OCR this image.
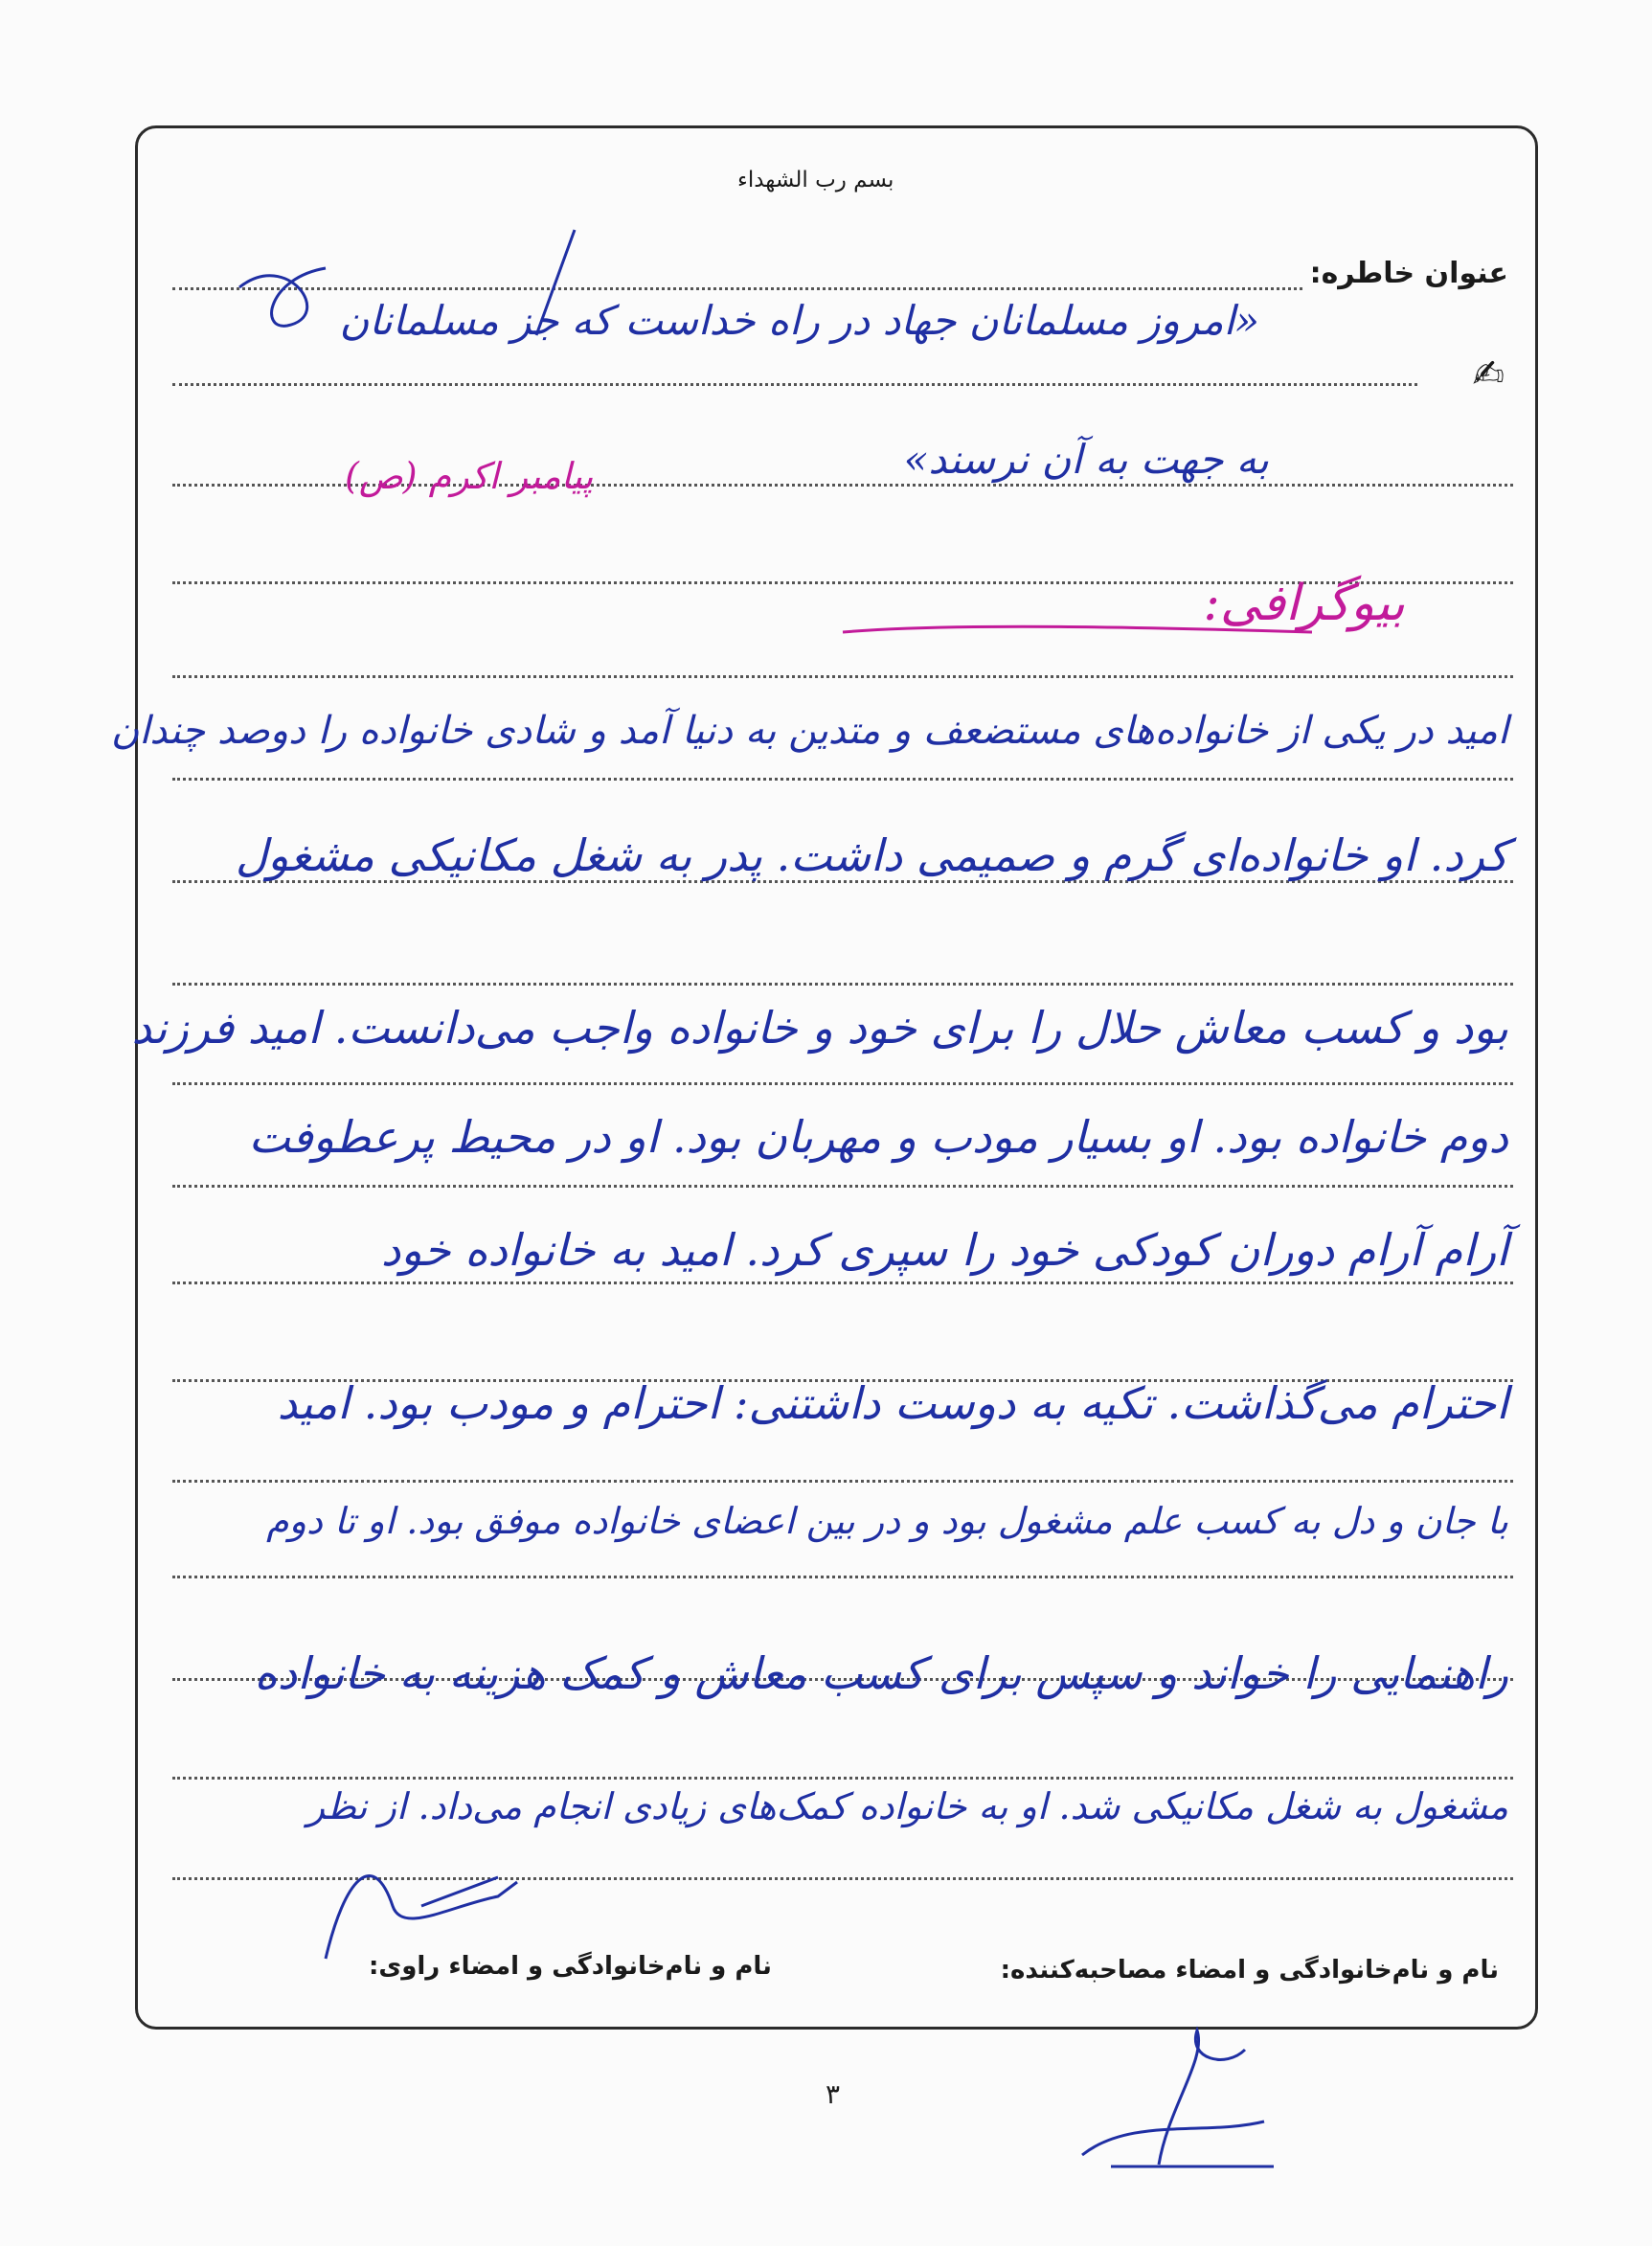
بسم رب الشهداء
عنوان خاطره:
✍
«امروز مسلمانان جهاد در راه خداست که جز مسلمانان
به جهت به آن نرسند»
پیامبر اکرم (ص)
بیوگرافی:
امید در یکی از خانواده‌های مستضعف و متدین به دنیا آمد و شادی خانواده را دوصد چندان
کرد. او خانواده‌ای گرم و صمیمی داشت. پدر به شغل مکانیکی مشغول
بود و کسب معاش حلال را برای خود و خانواده واجب می‌دانست. امید فرزند
دوم خانواده بود. او بسیار مودب و مهربان بود. او در محیط پرعطوفت
آرام آرام دوران کودکی خود را سپری کرد. امید به خانواده خود
احترام می‌گذاشت. تکیه به دوست داشتنی: احترام و مودب بود. امید
با جان و دل به کسب علم مشغول بود و در بین اعضای خانواده موفق بود. او تا دوم
راهنمایی را خواند و سپس برای کسب معاش و کمک هزینه به خانواده
مشغول به شغل مکانیکی شد. او به خانواده کمک‌های زیادی انجام می‌داد. از نظر
نام و نام‌خانوادگی و امضاء مصاحبه‌کننده:
نام و نام‌خانوادگی و امضاء راوی:
۳
